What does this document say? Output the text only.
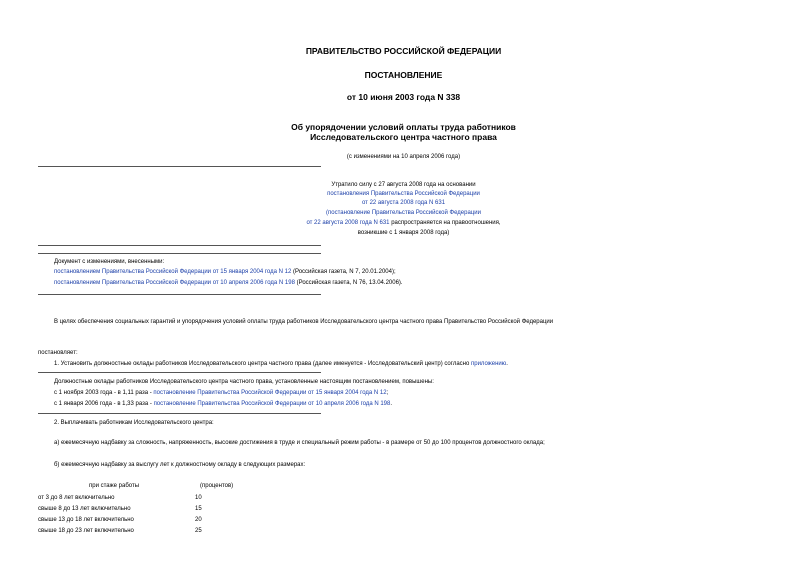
ПРАВИТЕЛЬСТВО РОССИЙСКОЙ ФЕДЕРАЦИИ
ПОСТАНОВЛЕНИЕ
от 10 июня 2003 года N 338
Об упорядочении условий оплаты труда работников
Исследовательского центра частного права
(с изменениями на 10 апреля 2006 года)
Утратило силу с 27 августа 2008 года на основании
постановления Правительства Российской Федерации
от 22 августа 2008 года N 631
(постановление Правительства Российской Федерации
от 22 августа 2008 года N 631 распространяется на правоотношения,
возникшие с 1 января 2008 года)
Документ с изменениями, внесенными:
постановлением Правительства Российской Федерации от 15 января 2004 года N 12 (Российская газета, N 7, 20.01.2004);
постановлением Правительства Российской Федерации от 10 апреля 2006 года N 198 (Российская газета, N 76, 13.04.2006).
В целях обеспечения социальных гарантий и упорядочения условий оплаты труда работников Исследовательского центра частного права Правительство Российской Федерации
постановляет:
1. Установить должностные оклады работников Исследовательского центра частного права (далее именуется - Исследовательский центр) согласно приложению.
Должностные оклады работников Исследовательского центра частного права, установленные настоящим постановлением, повышены:
с 1 ноября 2003 года - в 1,11 раза - постановление Правительства Российской Федерации от 15 января 2004 года N 12;
с 1 января 2006 года - в 1,33 раза - постановление Правительства Российской Федерации от 10 апреля 2006 года N 198.
2. Выплачивать работникам Исследовательского центра:
а) ежемесячную надбавку за сложность, напряженность, высокие достижения в труде и специальный режим работы - в размере от 50 до 100 процентов должностного оклада;
б) ежемесячную надбавку за выслугу лет к должностному окладу в следующих размерах:
при стаже работы	(процентов)
от 3 до 8 лет включительно	10
свыше 8 до 13 лет включительно	15
свыше 13 до 18 лет включительно	20
свыше 18 до 23 лет включительно	25
